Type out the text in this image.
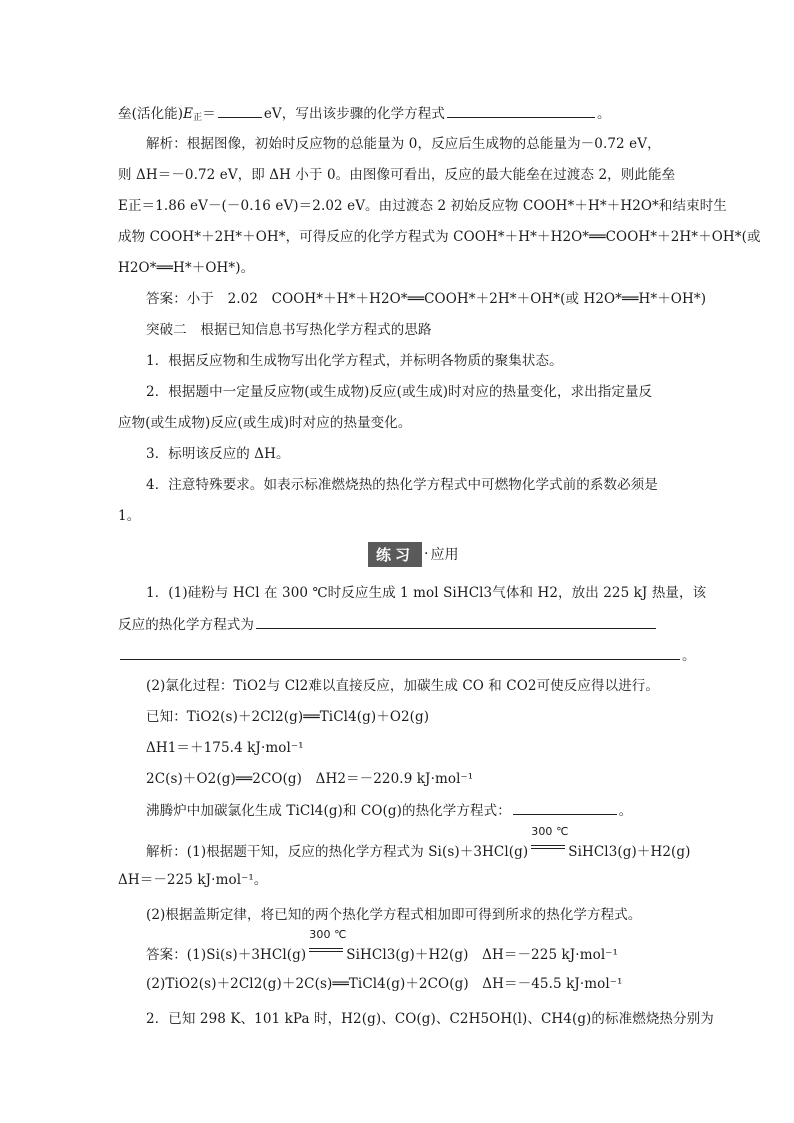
垒(活化能)$E_正=$	eV，写出该步骤的化学方程式	。
解析：根据图像，初始时反应物的总能量为 0，反应后生成物的总能量为－0.72 eV，
则 ΔH＝－0.72 eV，即 ΔH 小于 0。由图像可看出，反应的最大能垒在过渡态 2，则此能垒
E正＝1.86 eV－(－0.16 eV)＝2.02 eV。由过渡态 2 初始反应物 COOH*＋H*＋H2O*和结束时生
成物 COOH*＋2H*＋OH*，可得反应的化学方程式为 COOH*＋H*＋H2O*══COOH*＋2H*＋OH*(或
H2O*══H*＋OH*)。
答案：小于　2.02　COOH*＋H*＋H2O*══COOH*＋2H*＋OH*(或 H2O*══H*＋OH*)
突破二　根据已知信息书写热化学方程式的思路
1．根据反应物和生成物写出化学方程式，并标明各物质的聚集状态。
2．根据题中一定量反应物(或生成物)反应(或生成)时对应的热量变化，求出指定量反
应物(或生成物)反应(或生成)时对应的热量变化。
3．标明该反应的 ΔH。
4．注意特殊要求。如表示标准燃烧热的热化学方程式中可燃物化学式前的系数必须是
1。
练习 · 应用
1．(1)硅粉与 HCl 在 300 ℃时反应生成 1 mol SiHCl3气体和 H2，放出 225 kJ 热量，该
反应的热化学方程式为
。
(2)氯化过程：TiO2与 Cl2难以直接反应，加碳生成 CO 和 CO2可使反应得以进行。
已知：TiO2(s)＋2Cl2(g)══TiCl4(g)＋O2(g)
ΔH1＝＋175.4 kJ·mol⁻¹
2C(s)＋O2(g)══2CO(g)　ΔH2＝－220.9 kJ·mol⁻¹
沸腾炉中加碳氯化生成 TiCl4(g)和 CO(g)的热化学方程式：	。
解析：(1)根据题干知，反应的热化学方程式为 Si(s)＋3HCl(g)
300 ℃
SiHCl3(g)＋H2(g)
ΔH＝－225 kJ·mol⁻¹。
(2)根据盖斯定律，将已知的两个热化学方程式相加即可得到所求的热化学方程式。
答案：(1)Si(s)＋3HCl(g)
300 ℃
SiHCl3(g)＋H2(g)　ΔH＝－225 kJ·mol⁻¹
(2)TiO2(s)＋2Cl2(g)＋2C(s)══TiCl4(g)＋2CO(g)　ΔH＝－45.5 kJ·mol⁻¹
2．已知 298 K、101 kPa 时，H2(g)、CO(g)、C2H5OH(l)、CH4(g)的标准燃烧热分别为
